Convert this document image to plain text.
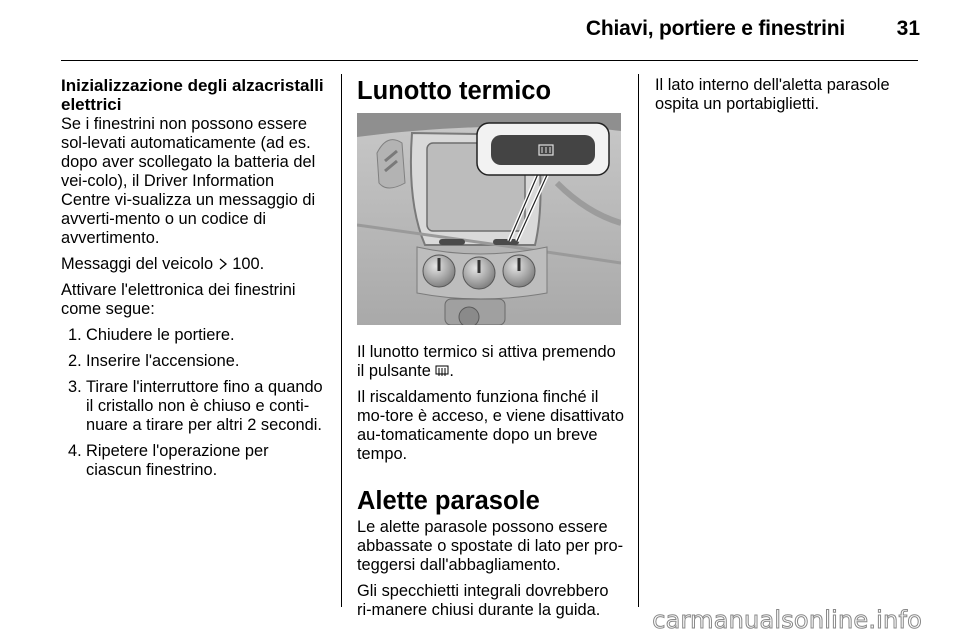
Chiavi, portiere e finestrini 31

Inizializzazione degli alzacristalli elettrici

Se i finestrini non possono essere sol-levati automaticamente (ad es. dopo aver scollegato la batteria del vei-colo), il Driver Information Centre vi-sualizza un messaggio di avverti-mento o un codice di avvertimento.

Messaggi del veicolo 100.

Attivare l'elettronica dei finestrini come segue:

1. Chiudere le portiere.
2. Inserire l'accensione.
3. Tirare l'interruttore fino a quando il cristallo non è chiuso e conti-nuare a tirare per altri 2 secondi.
4. Ripetere l'operazione per ciascun finestrino.

Lunotto termico

Il lunotto termico si attiva premendo il pulsante .

Il riscaldamento funziona finché il mo-tore è acceso, e viene disattivato au-tomaticamente dopo un breve tempo.

Alette parasole

Le alette parasole possono essere abbassate o spostate di lato per pro-teggersi dall'abbagliamento.

Gli specchietti integrali dovrebbero ri-manere chiusi durante la guida.

Il lato interno dell'aletta parasole ospita un portabiglietti.

carmanualsonline.info
